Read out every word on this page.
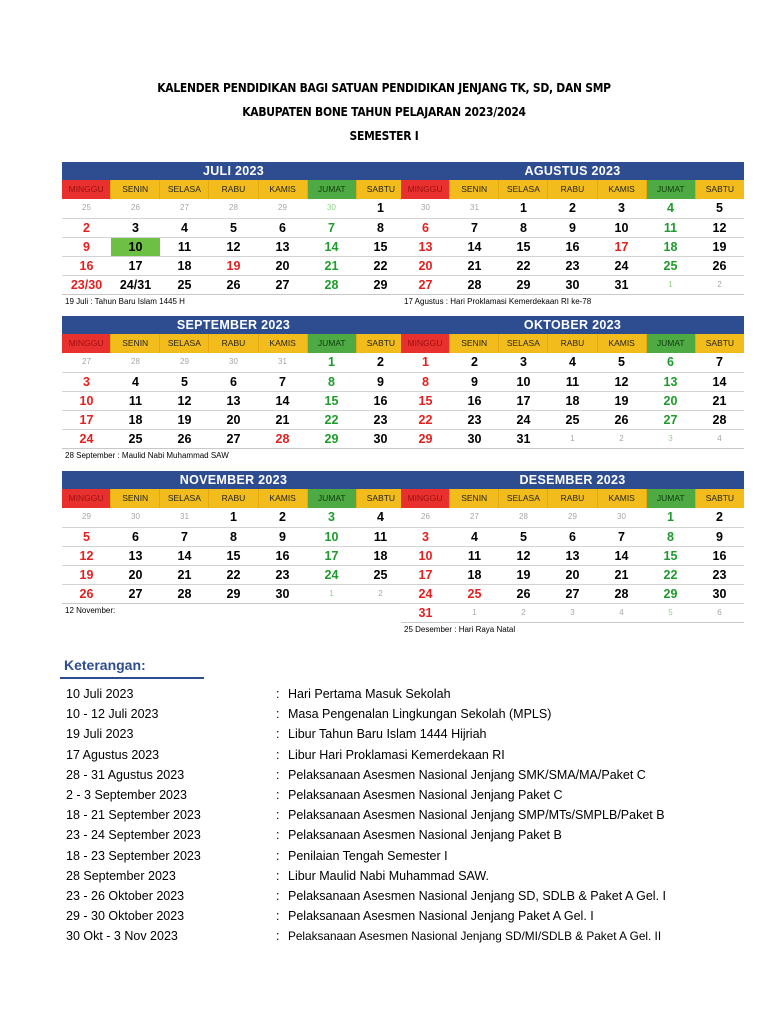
KALENDER PENDIDIKAN BAGI SATUAN PENDIDIKAN JENJANG TK, SD, DAN SMP
KABUPATEN BONE TAHUN PELAJARAN 2023/2024
SEMESTER I
JULI 2023
MINGGU	SENIN	SELASA	RABU	KAMIS	JUMAT	SABTU
25	26	27	28	29	30	1
2	3	4	5	6	7	8
9	10	11	12	13	14	15
16	17	18	19	20	21	22
23/30	24/31	25	26	27	28	29
19 Juli : Tahun Baru Islam 1445 H
AGUSTUS 2023
MINGGU	SENIN	SELASA	RABU	KAMIS	JUMAT	SABTU
30	31	1	2	3	4	5
6	7	8	9	10	11	12
13	14	15	16	17	18	19
20	21	22	23	24	25	26
27	28	29	30	31	1	2
17 Agustus : Hari Proklamasi Kemerdekaan RI ke-78
SEPTEMBER 2023
MINGGU	SENIN	SELASA	RABU	KAMIS	JUMAT	SABTU
27	28	29	30	31	1	2
3	4	5	6	7	8	9
10	11	12	13	14	15	16
17	18	19	20	21	22	23
24	25	26	27	28	29	30
28 September : Maulid Nabi Muhammad SAW
OKTOBER 2023
MINGGU	SENIN	SELASA	RABU	KAMIS	JUMAT	SABTU
1	2	3	4	5	6	7
8	9	10	11	12	13	14
15	16	17	18	19	20	21
22	23	24	25	26	27	28
29	30	31	1	2	3	4
NOVEMBER 2023
MINGGU	SENIN	SELASA	RABU	KAMIS	JUMAT	SABTU
29	30	31	1	2	3	4
5	6	7	8	9	10	11
12	13	14	15	16	17	18
19	20	21	22	23	24	25
26	27	28	29	30	1	2
12 November:
DESEMBER 2023
MINGGU	SENIN	SELASA	RABU	KAMIS	JUMAT	SABTU
26	27	28	29	30	1	2
3	4	5	6	7	8	9
10	11	12	13	14	15	16
17	18	19	20	21	22	23
24	25	26	27	28	29	30
31	1	2	3	4	5	6
25 Desember : Hari Raya Natal
Keterangan:
10 Juli 2023	: Hari Pertama Masuk Sekolah
10 - 12 Juli 2023	: Masa Pengenalan Lingkungan Sekolah (MPLS)
19 Juli 2023	: Libur Tahun Baru Islam 1444 Hijriah
17 Agustus 2023	: Libur Hari Proklamasi Kemerdekaan RI
28 - 31 Agustus 2023	: Pelaksanaan Asesmen Nasional Jenjang SMK/SMA/MA/Paket C
2 - 3 September 2023	: Pelaksanaan Asesmen Nasional Jenjang Paket C
18 - 21 September 2023	: Pelaksanaan Asesmen Nasional Jenjang SMP/MTs/SMPLB/Paket B
23 - 24 September 2023	: Pelaksanaan Asesmen Nasional Jenjang Paket B
18 - 23 September 2023	: Penilaian Tengah Semester I
28 September 2023	: Libur Maulid Nabi Muhammad SAW.
23 - 26 Oktober 2023	: Pelaksanaan Asesmen Nasional Jenjang SD, SDLB & Paket A Gel. I
29 - 30 Oktober 2023	: Pelaksanaan Asesmen Nasional Jenjang Paket A Gel. I
30 Okt - 3 Nov 2023	: Pelaksanaan Asesmen Nasional Jenjang SD/MI/SDLB & Paket A Gel. II
